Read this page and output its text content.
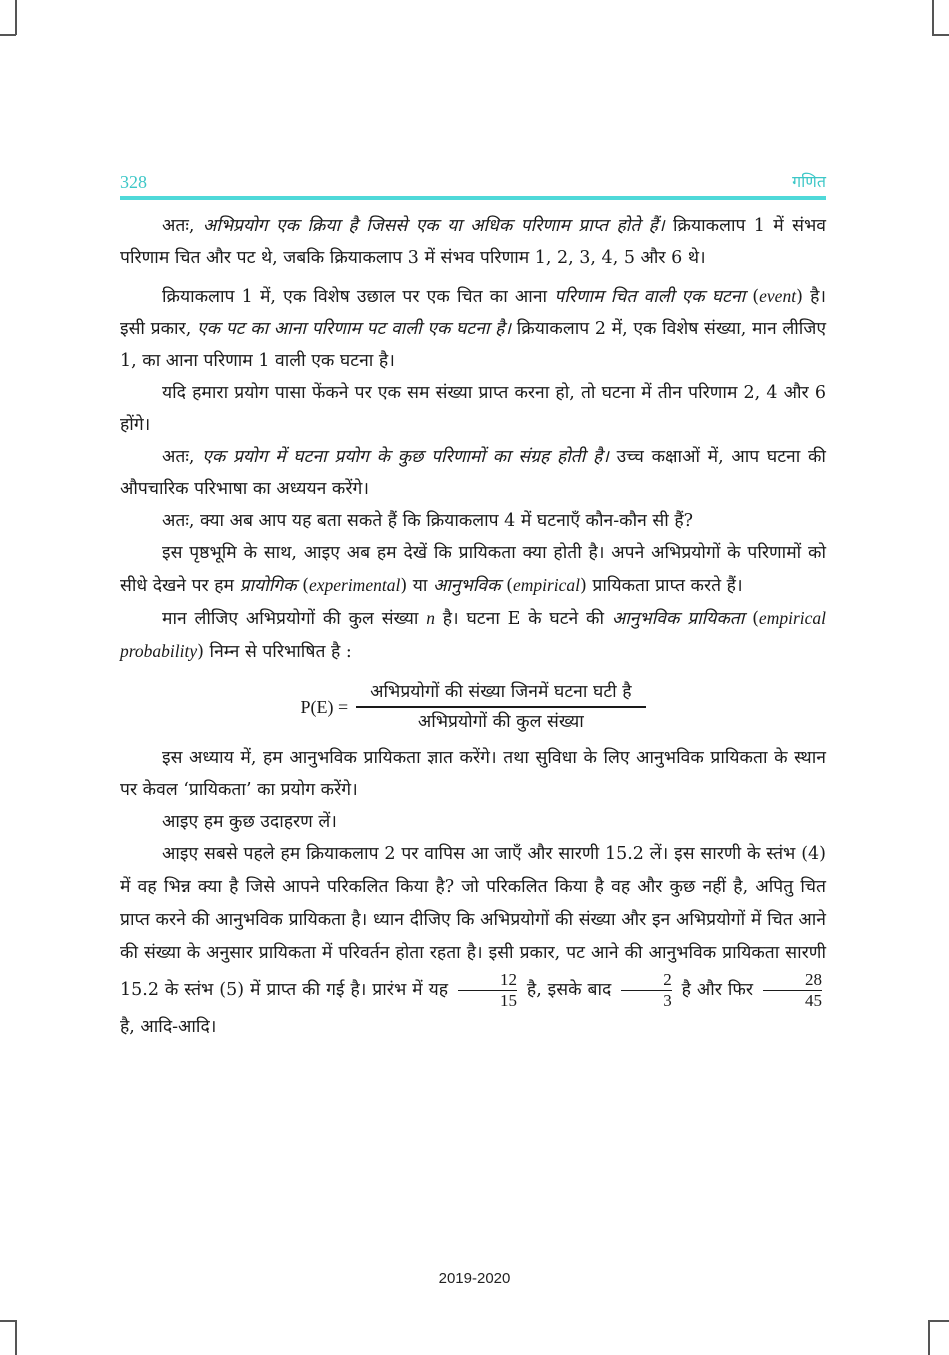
328	गणित

अतः, अभिप्रयोग एक क्रिया है जिससे एक या अधिक परिणाम प्राप्त होते हैं। क्रियाकलाप 1 में संभव परिणाम चित और पट थे, जबकि क्रियाकलाप 3 में संभव परिणाम 1, 2, 3, 4, 5 और 6 थे।

क्रियाकलाप 1 में, एक विशेष उछाल पर एक चित का आना परिणाम चित वाली एक घटना (event) है। इसी प्रकार, एक पट का आना परिणाम पट वाली एक घटना है। क्रियाकलाप 2 में, एक विशेष संख्या, मान लीजिए 1, का आना परिणाम 1 वाली एक घटना है।

यदि हमारा प्रयोग पासा फेंकने पर एक सम संख्या प्राप्त करना हो, तो घटना में तीन परिणाम 2, 4 और 6 होंगे।

अतः, एक प्रयोग में घटना प्रयोग के कुछ परिणामों का संग्रह होती है। उच्च कक्षाओं में, आप घटना की औपचारिक परिभाषा का अध्ययन करेंगे।

अतः, क्या अब आप यह बता सकते हैं कि क्रियाकलाप 4 में घटनाएँ कौन-कौन सी हैं?

इस पृष्ठभूमि के साथ, आइए अब हम देखें कि प्रायिकता क्या होती है। अपने अभिप्रयोगों के परिणामों को सीधे देखने पर हम प्रायोगिक (experimental) या आनुभविक (empirical) प्रायिकता प्राप्त करते हैं।

मान लीजिए अभिप्रयोगों की कुल संख्या n है। घटना E के घटने की आनुभविक प्रायिकता (empirical probability) निम्न से परिभाषित है :

$P(E) = \frac{\text{अभिप्रयोगों की संख्या जिनमें घटना घटी है}}{\text{अभिप्रयोगों की कुल संख्या}}$

इस अध्याय में, हम आनुभविक प्रायिकता ज्ञात करेंगे। तथा सुविधा के लिए आनुभविक प्रायिकता के स्थान पर केवल ‘प्रायिकता’ का प्रयोग करेंगे।

आइए हम कुछ उदाहरण लें।

आइए सबसे पहले हम क्रियाकलाप 2 पर वापिस आ जाएँ और सारणी 15.2 लें। इस सारणी के स्तंभ (4) में वह भिन्न क्या है जिसे आपने परिकलित किया है? जो परिकलित किया है वह और कुछ नहीं है, अपितु चित प्राप्त करने की आनुभविक प्रायिकता है। ध्यान दीजिए कि अभिप्रयोगों की संख्या और इन अभिप्रयोगों में चित आने की संख्या के अनुसार प्रायिकता में परिवर्तन होता रहता है। इसी प्रकार, पट आने की आनुभविक प्रायिकता सारणी 15.2 के स्तंभ (5) में प्राप्त की गई है। प्रारंभ में यह $\frac{12}{15}$ है, इसके बाद $\frac{2}{3}$ है और फिर $\frac{28}{45}$
है, आदि-आदि।

2019-2020
